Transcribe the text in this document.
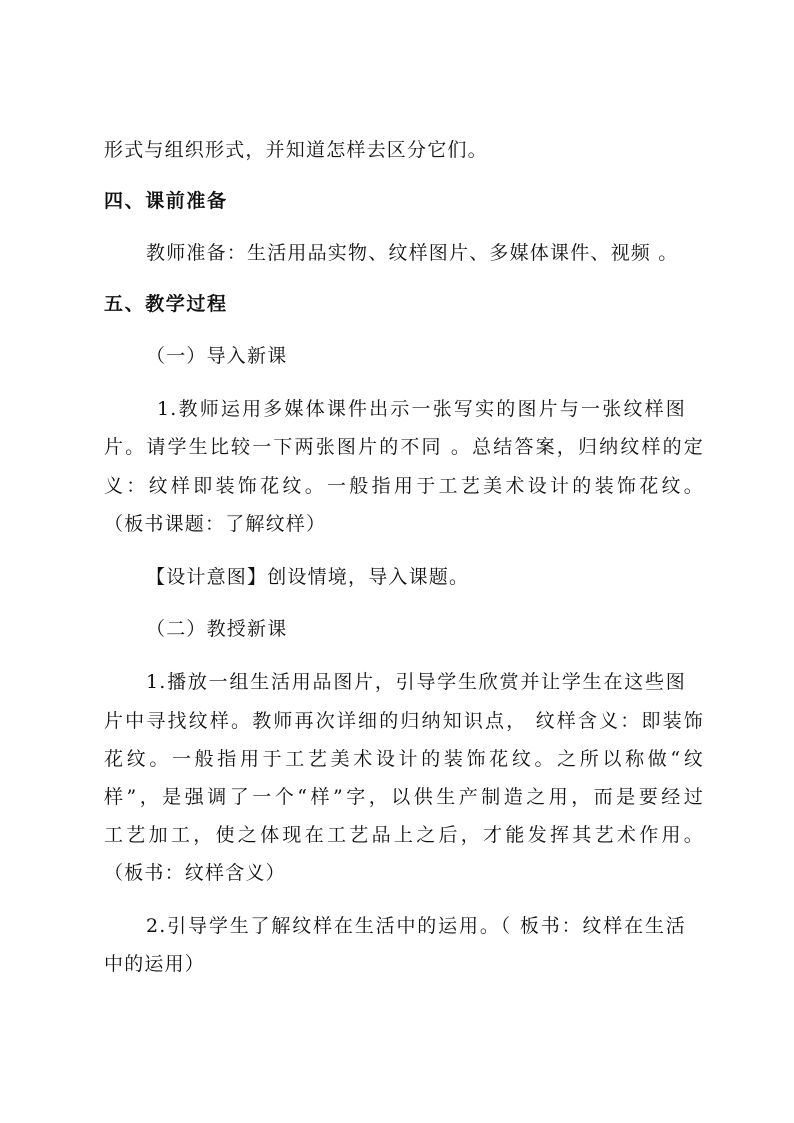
形式与组织形式，并知道怎样去区分它们。
四、课前准备
教师准备：生活用品实物、纹样图片、多媒体课件、视频 。
五、教学过程
（一）导入新课
1.教师运用多媒体课件出示一张写实的图片与一张纹样图
片。请学生比较一下两张图片的不同 。总结答案，归纳纹样的定
义：纹样即装饰花纹。一般指用于工艺美术设计的装饰花纹。
（板书课题：了解纹样）
【设计意图】创设情境，导入课题。
（二）教授新课
1.播放一组生活用品图片，引导学生欣赏并让学生在这些图
片中寻找纹样。教师再次详细的归纳知识点， 纹样含义：即装饰
花纹。一般指用于工艺美术设计的装饰花纹。之所以称做“纹
样”，是强调了一个“样”字，以供生产制造之用，而是要经过
工艺加工，使之体现在工艺品上之后，才能发挥其艺术作用。
（板书：纹样含义）
2.引导学生了解纹样在生活中的运用。（ 板书：纹样在生活
中的运用）
